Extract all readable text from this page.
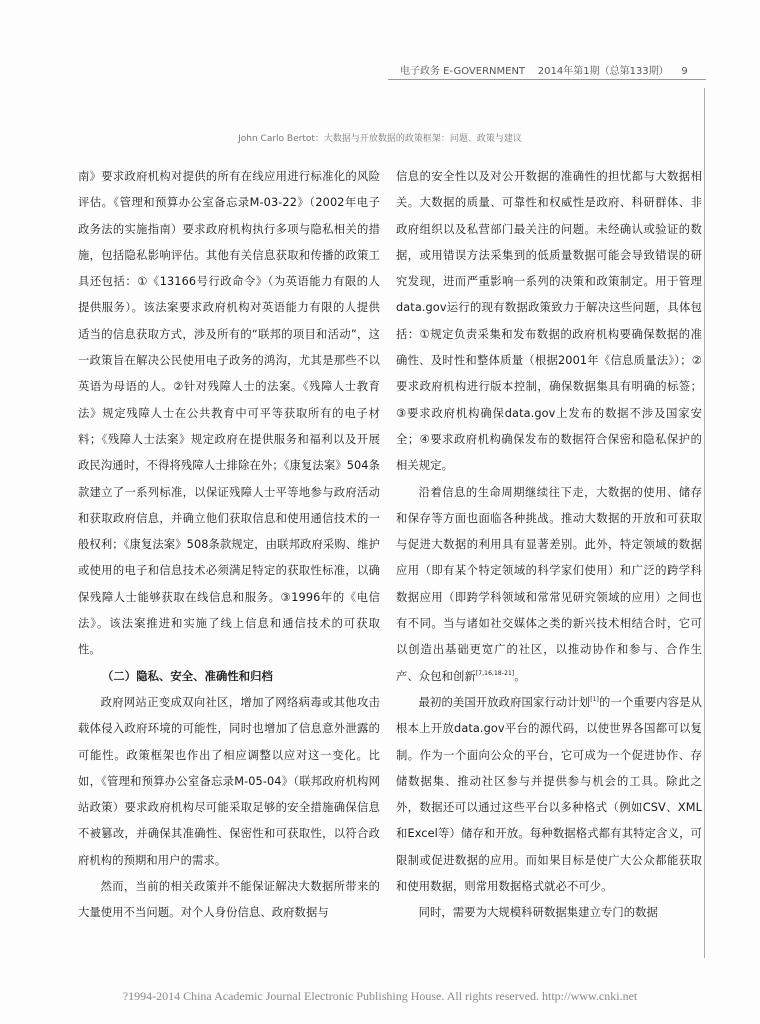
电子政务 E-GOVERNMENT 2014年第1期（总第133期） 9
John Carlo Bertot：大数据与开放数据的政策框架：问题、政策与建议

南》要求政府机构对提供的所有在线应用进行标准化的风险评估。《管理和预算办公室备忘录M-03-22》（2002年电子政务法的实施指南）要求政府机构执行多项与隐私相关的措施，包括隐私影响评估。其他有关信息获取和传播的政策工具还包括：①《13166号行政命令》（为英语能力有限的人提供服务）。该法案要求政府机构对英语能力有限的人提供适当的信息获取方式，涉及所有的“联邦的项目和活动”，这一政策旨在解决公民使用电子政务的鸿沟，尤其是那些不以英语为母语的人。②针对残障人士的法案。《残障人士教育法》规定残障人士在公共教育中可平等获取所有的电子材料；《残障人士法案》规定政府在提供服务和福利以及开展政民沟通时，不得将残障人士排除在外；《康复法案》504条款建立了一系列标准，以保证残障人士平等地参与政府活动和获取政府信息，并确立他们获取信息和使用通信技术的一般权利；《康复法案》508条款规定，由联邦政府采购、维护或使用的电子和信息技术必须满足特定的获取性标准，以确保残障人士能够获取在线信息和服务。③1996年的《电信法》。该法案推进和实施了线上信息和通信技术的可获取性。

（二）隐私、安全、准确性和归档

政府网站正变成双向社区，增加了网络病毒或其他攻击载体侵入政府环境的可能性，同时也增加了信息意外泄露的可能性。政策框架也作出了相应调整以应对这一变化。比如，《管理和预算办公室备忘录M-05-04》（联邦政府机构网站政策）要求政府机构尽可能采取足够的安全措施确保信息不被篡改，并确保其准确性、保密性和可获取性，以符合政府机构的预期和用户的需求。

然而，当前的相关政策并不能保证解决大数据所带来的大量使用不当问题。对个人身份信息、政府数据与

信息的安全性以及对公开数据的准确性的担忧都与大数据相关。大数据的质量、可靠性和权威性是政府、科研群体、非政府组织以及私营部门最关注的问题。未经确认或验证的数据，或用错误方法采集到的低质量数据可能会导致错误的研究发现，进而严重影响一系列的决策和政策制定。用于管理data.gov运行的现有数据政策致力于解决这些问题，具体包括：①规定负责采集和发布数据的政府机构要确保数据的准确性、及时性和整体质量（根据2001年《信息质量法》）；②要求政府机构进行版本控制，确保数据集具有明确的标签；③要求政府机构确保data.gov上发布的数据不涉及国家安全；④要求政府机构确保发布的数据符合保密和隐私保护的相关规定。

沿着信息的生命周期继续往下走，大数据的使用、储存和保存等方面也面临各种挑战。推动大数据的开放和可获取与促进大数据的利用具有显著差别。此外，特定领域的数据应用（即有某个特定领域的科学家们使用）和广泛的跨学科数据应用（即跨学科领域和常常见研究领域的应用）之间也有不同。当与诸如社交媒体之类的新兴技术相结合时，它可以创造出基础更宽广的社区，以推动协作和参与、合作生产、众包和创新[7,16,18-21]。

最初的美国开放政府国家行动计划[1]的一个重要内容是从根本上开放data.gov平台的源代码，以使世界各国都可以复制。作为一个面向公众的平台，它可成为一个促进协作、存储数据集、推动社区参与并提供参与机会的工具。除此之外，数据还可以通过这些平台以多种格式（例如CSV、XML和Excel等）储存和开放。每种数据格式都有其特定含义，可限制或促进数据的应用。而如果目标是使广大公众都能获取和使用数据，则常用数据格式就必不可少。

同时，需要为大规模科研数据集建立专门的数据

?1994-2014 China Academic Journal Electronic Publishing House. All rights reserved. http://www.cnki.net
